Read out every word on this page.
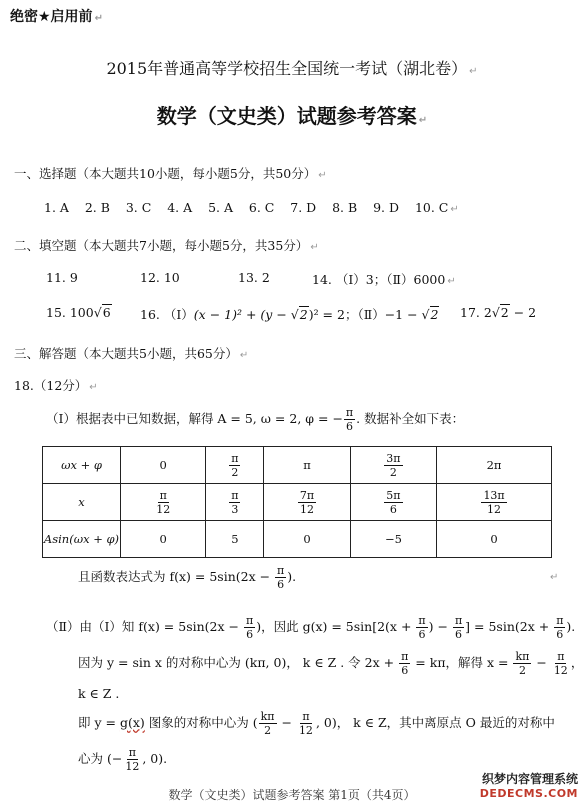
绝密★启用前 ↵
2015年普通高等学校招生全国统一考试（湖北卷） ↵
数学（文史类）试题参考答案 ↵
一、选择题（本大题共10小题，每小题5分，共50分） ↵
1. A 2. B 3. C 4. A 5. A 6. C 7. D 8. B 9. D 10. C ↵
二、填空题（本大题共7小题，每小题5分，共35分） ↵
11. 9	12. 10	13. 2	14. （Ⅰ）3；（Ⅱ）6000 ↵
15. 100√6 16. （Ⅰ）(x − 1)² + (y − √2)² = 2；（Ⅱ）−1 − √2 17. 2√2 − 2
三、解答题（本大题共5小题，共65分） ↵
18.（12分） ↵
（Ⅰ）根据表中已知数据，解得 A = 5, ω = 2, φ = − $\frac{\pi}{6}$ . 数据补全如下表：
ωx + φ	0	$\frac{\pi}{2}$	π	$\frac{3\pi}{2}$	2π
x	$\frac{\pi}{12}$	$\frac{\pi}{3}$	$\frac{7\pi}{12}$	$\frac{5\pi}{6}$	$\frac{13\pi}{12}$

Asin(ωx + φ)	0	5	0	−5	0
且函数表达式为 $f(x) = 5\sin(2x - \frac{\pi}{6}$ ).	↵
（Ⅱ）由（Ⅰ）知 $f(x) = 5\sin(2x - \frac{\pi}{6}$ )，因此 $g(x) = 5\sin[2(x + \frac{\pi}{6}$ ) − $\frac{\pi}{6}$ ] = $5\sin(2x + \frac{\pi}{6}$ ).
因为 y = sin x 的对称中心为 (kπ, 0)， k ∈ Z . 令 $2x + \frac{\pi}{6} = k\pi$，解得 $x = \frac{k\pi}{2} - \frac{\pi}{12}$ ，
k ∈ Z .
即 y = g(x) 图象的对称中心为 ( $\frac{k\pi}{2} - \frac{\pi}{12}$ , 0)， k ∈ Z，其中离原点 O 最近的对称中
心为 (− $\frac{\pi}{12}$ , 0).
数学（文史类）试题参考答案 第1页（共4页）
织梦内容管理系统
DEDECMS.COM
